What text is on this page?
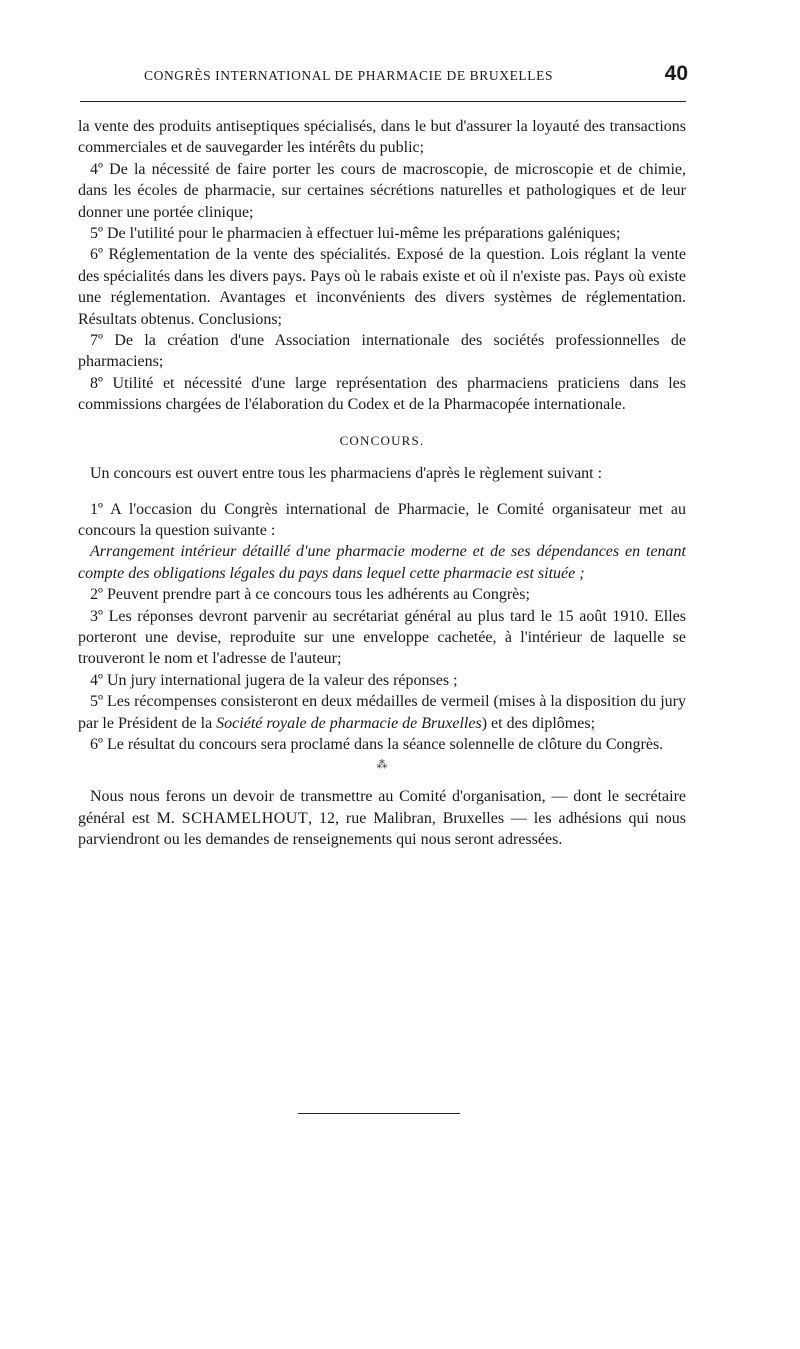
CONGRÈS INTERNATIONAL DE PHARMACIE DE BRUXELLES	40

la vente des produits antiseptiques spécialisés, dans le but d'assurer la loyauté des transactions commerciales et de sauvegarder les intérêts du public;

4º De la nécessité de faire porter les cours de macroscopie, de microscopie et de chimie, dans les écoles de pharmacie, sur certaines sécrétions naturelles et pathologiques et de leur donner une portée clinique;

5º De l'utilité pour le pharmacien à effectuer lui-même les préparations galéniques;

6º Réglementation de la vente des spécialités. Exposé de la question. Lois réglant la vente des spécialités dans les divers pays. Pays où le rabais existe et où il n'existe pas. Pays où existe une réglementation. Avantages et inconvénients des divers systèmes de réglementation. Résultats obtenus. Conclusions;

7º De la création d'une Association internationale des sociétés professionnelles de pharmaciens;

8º Utilité et nécessité d'une large représentation des pharmaciens praticiens dans les commissions chargées de l'élaboration du Codex et de la Pharmacopée internationale.

CONCOURS.

Un concours est ouvert entre tous les pharmaciens d'après le règlement suivant :

1º A l'occasion du Congrès international de Pharmacie, le Comité organisateur met au concours la question suivante :

Arrangement intérieur détaillé d'une pharmacie moderne et de ses dépendances en tenant compte des obligations légales du pays dans lequel cette pharmacie est située ;

2º Peuvent prendre part à ce concours tous les adhérents au Congrès;

3º Les réponses devront parvenir au secrétariat général au plus tard le 15 août 1910. Elles porteront une devise, reproduite sur une enveloppe cachetée, à l'intérieur de laquelle se trouveront le nom et l'adresse de l'auteur;

4º Un jury international jugera de la valeur des réponses ;

5º Les récompenses consisteront en deux médailles de vermeil (mises à la disposition du jury par le Président de la Société royale de pharmacie de Bruxelles) et des diplômes;

6º Le résultat du concours sera proclamé dans la séance solennelle de clôture du Congrès.

⁂

Nous nous ferons un devoir de transmettre au Comité d'organisation, — dont le secrétaire général est M. SCHAMELHOUT, 12, rue Malibran, Bruxelles — les adhésions qui nous parviendront ou les demandes de renseignements qui nous seront adressées.
